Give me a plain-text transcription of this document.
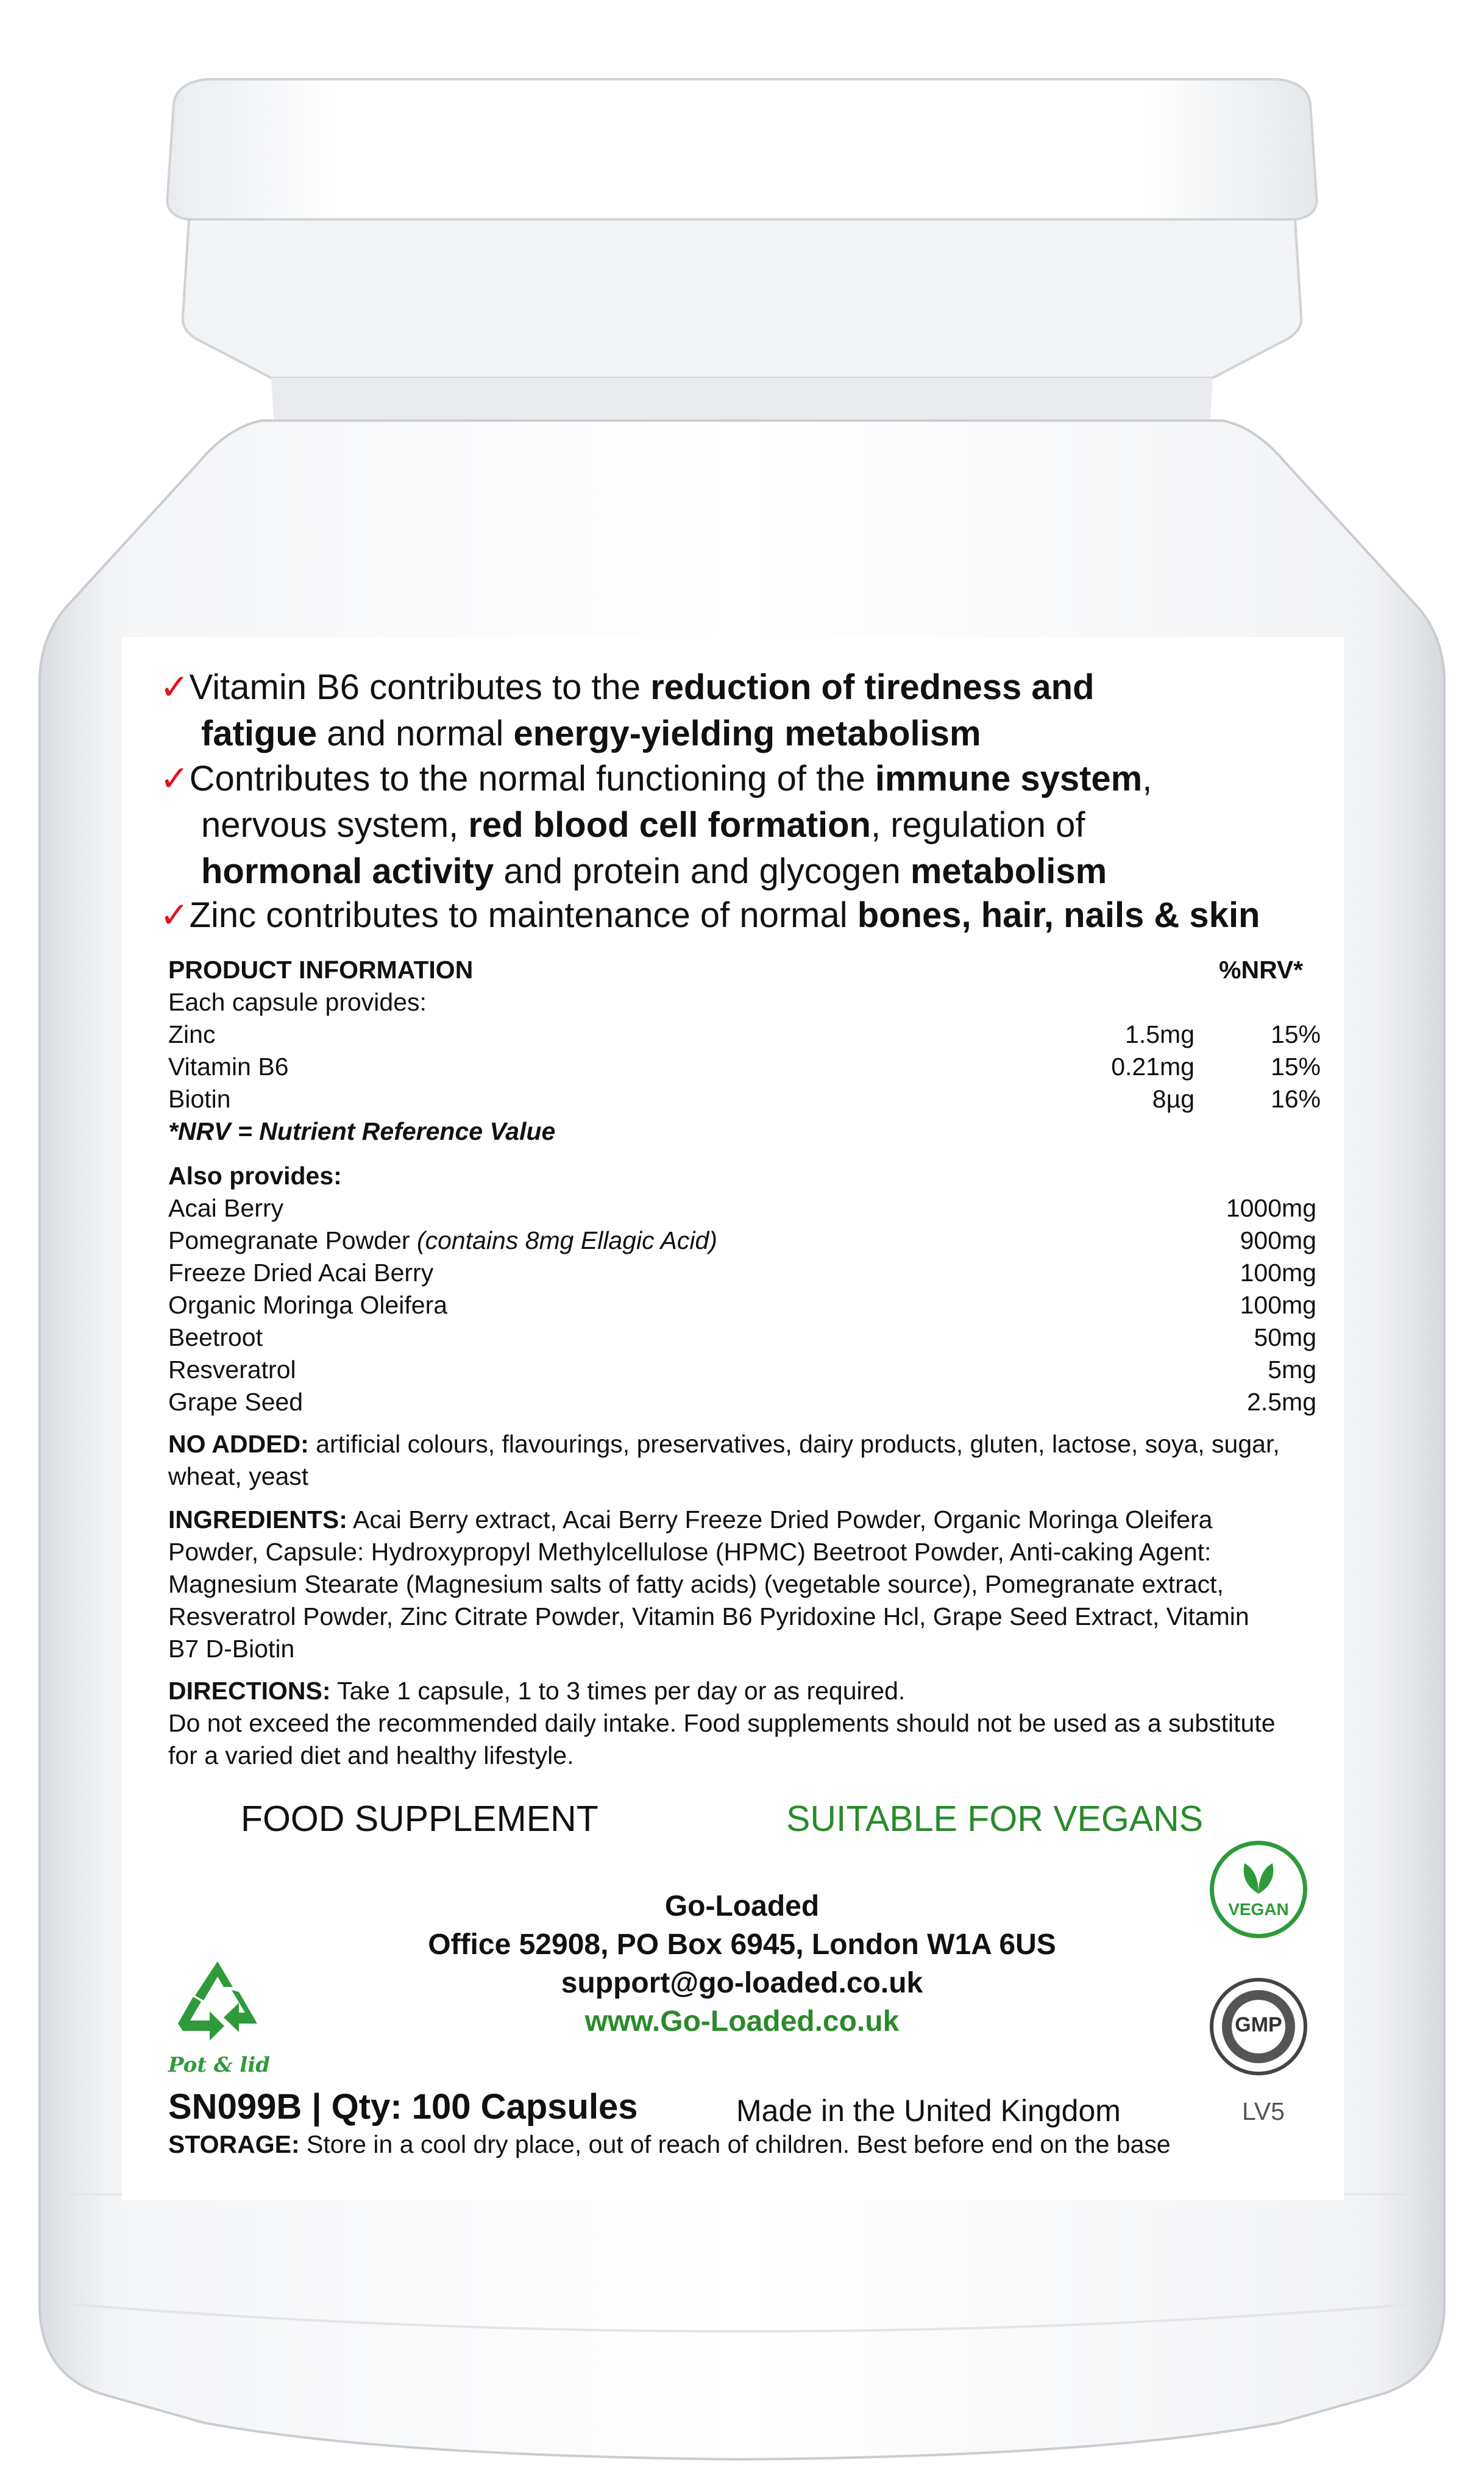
✓Vitamin B6 contributes to the reduction of tiredness and
fatigue and normal energy-yielding metabolism
✓Contributes to the normal functioning of the immune system,
nervous system, red blood cell formation, regulation of
hormonal activity and protein and glycogen metabolism
✓Zinc contributes to maintenance of normal bones, hair, nails & skin
PRODUCT INFORMATION	%NRV*
Each capsule provides:
Zinc	1.5mg	15%
Vitamin B6	0.21mg	15%
Biotin	8µg	16%
*NRV = Nutrient Reference Value
Also provides:
Acai Berry	1000mg
Pomegranate Powder (contains 8mg Ellagic Acid)	900mg
Freeze Dried Acai Berry	100mg
Organic Moringa Oleifera	100mg
Beetroot	50mg
Resveratrol	5mg
Grape Seed	2.5mg
NO ADDED: artificial colours, flavourings, preservatives, dairy products, gluten, lactose, soya, sugar, wheat, yeast
INGREDIENTS: Acai Berry extract, Acai Berry Freeze Dried Powder, Organic Moringa Oleifera Powder, Capsule: Hydroxypropyl Methylcellulose (HPMC) Beetroot Powder, Anti-caking Agent: Magnesium Stearate (Magnesium salts of fatty acids) (vegetable source), Pomegranate extract, Resveratrol Powder, Zinc Citrate Powder, Vitamin B6 Pyridoxine Hcl, Grape Seed Extract, Vitamin B7 D-Biotin
DIRECTIONS: Take 1 capsule, 1 to 3 times per day or as required.
Do not exceed the recommended daily intake. Food supplements should not be used as a substitute for a varied diet and healthy lifestyle.
FOOD SUPPLEMENT	SUITABLE FOR VEGANS
Go-Loaded
Office 52908, PO Box 6945, London W1A 6US
support@go-loaded.co.uk
www.Go-Loaded.co.uk
Pot & lid
VEGAN
GMP
SN099B | Qty: 100 Capsules	Made in the United Kingdom	LV5
STORAGE: Store in a cool dry place, out of reach of children. Best before end on the base
